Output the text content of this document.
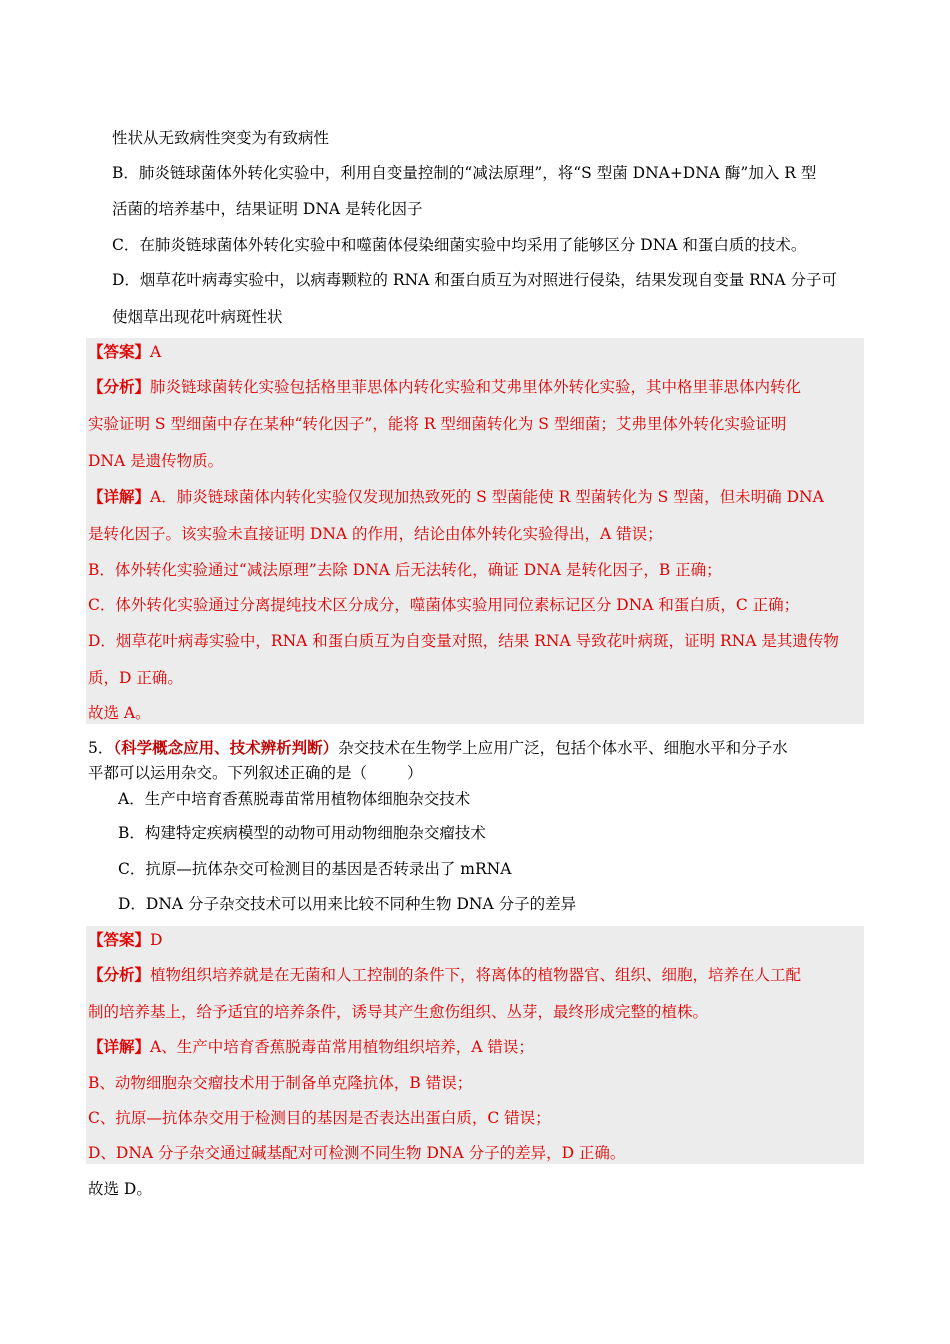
性状从无致病性突变为有致病性
B．肺炎链球菌体外转化实验中，利用自变量控制的“减法原理”，将“S 型菌 DNA+DNA 酶”加入 R 型
活菌的培养基中，结果证明 DNA 是转化因子
C．在肺炎链球菌体外转化实验中和噬菌体侵染细菌实验中均采用了能够区分 DNA 和蛋白质的技术。
D．烟草花叶病毒实验中，以病毒颗粒的 RNA 和蛋白质互为对照进行侵染，结果发现自变量 RNA 分子可
使烟草出现花叶病斑性状
【答案】A
【分析】肺炎链球菌转化实验包括格里菲思体内转化实验和艾弗里体外转化实验，其中格里菲思体内转化
实验证明 S 型细菌中存在某种“转化因子”，能将 R 型细菌转化为 S 型细菌；艾弗里体外转化实验证明
DNA 是遗传物质。
【详解】A．肺炎链球菌体内转化实验仅发现加热致死的 S 型菌能使 R 型菌转化为 S 型菌，但未明确 DNA
是转化因子。该实验未直接证明 DNA 的作用，结论由体外转化实验得出，A 错误；
B．体外转化实验通过“减法原理”去除 DNA 后无法转化，确证 DNA 是转化因子，B 正确；
C．体外转化实验通过分离提纯技术区分成分，噬菌体实验用同位素标记区分 DNA 和蛋白质，C 正确；
D．烟草花叶病毒实验中，RNA 和蛋白质互为自变量对照，结果 RNA 导致花叶病斑，证明 RNA 是其遗传物
质，D 正确。
故选 A。
5．（科学概念应用、技术辨析判断）杂交技术在生物学上应用广泛，包括个体水平、细胞水平和分子水
平都可以运用杂交。下列叙述正确的是（	）
A．生产中培育香蕉脱毒苗常用植物体细胞杂交技术
B．构建特定疾病模型的动物可用动物细胞杂交瘤技术
C．抗原—抗体杂交可检测目的基因是否转录出了 mRNA
D．DNA 分子杂交技术可以用来比较不同种生物 DNA 分子的差异
【答案】D
【分析】植物组织培养就是在无菌和人工控制的条件下，将离体的植物器官、组织、细胞，培养在人工配
制的培养基上，给予适宜的培养条件，诱导其产生愈伤组织、丛芽，最终形成完整的植株。
【详解】A、生产中培育香蕉脱毒苗常用植物组织培养，A 错误；
B、动物细胞杂交瘤技术用于制备单克隆抗体，B 错误；
C、抗原—抗体杂交用于检测目的基因是否表达出蛋白质，C 错误；
D、DNA 分子杂交通过碱基配对可检测不同生物 DNA 分子的差异，D 正确。
故选 D。
